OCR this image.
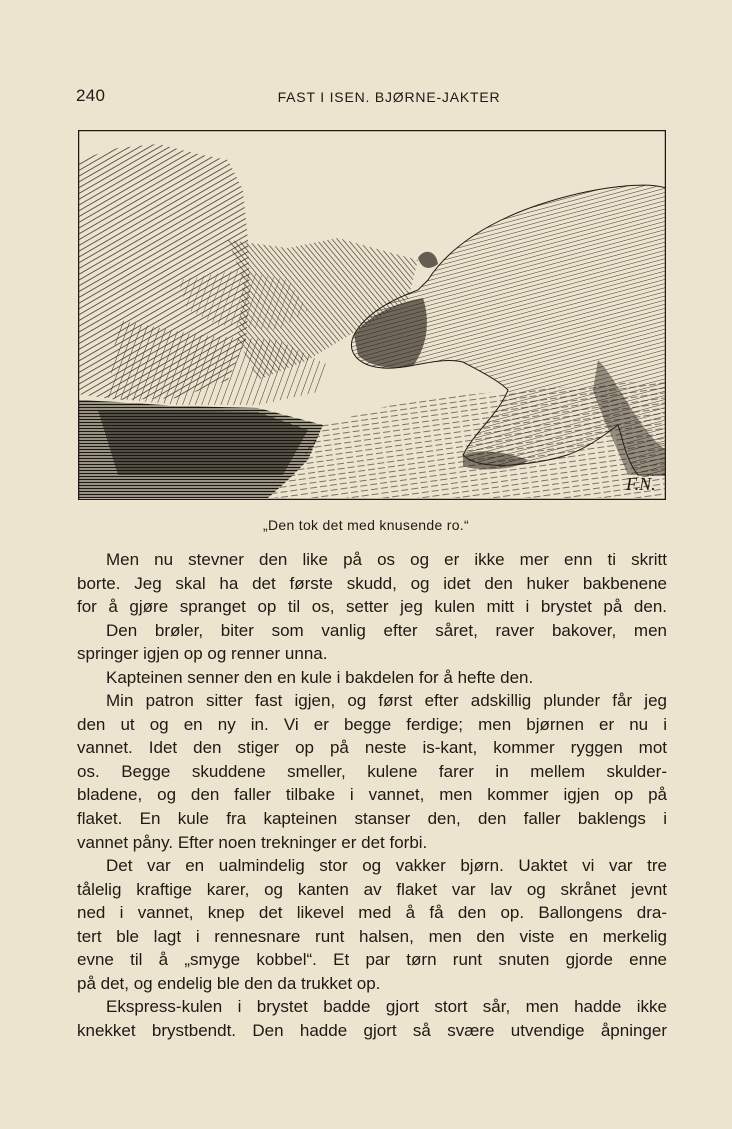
240	FAST I ISEN. BJØRNE-JAKTER
F.N.
„Den tok det med knusende ro.“
Men nu stevner den like på os og er ikke mer enn ti skritt
borte. Jeg skal ha det første skudd, og idet den huker bakbenene
for å gjøre spranget op til os, setter jeg kulen mitt i brystet på den.
Den brøler, biter som vanlig efter såret, raver bakover, men
springer igjen op og renner unna.
Kapteinen senner den en kule i bakdelen for å hefte den.
Min patron sitter fast igjen, og først efter adskillig plunder får jeg
den ut og en ny in. Vi er begge ferdige; men bjørnen er nu i
vannet. Idet den stiger op på neste is-kant, kommer ryggen mot
os. Begge skuddene smeller, kulene farer in mellem skulder-
bladene, og den faller tilbake i vannet, men kommer igjen op på
flaket. En kule fra kapteinen stanser den, den faller baklengs i
vannet påny. Efter noen trekninger er det forbi.
Det var en ualmindelig stor og vakker bjørn. Uaktet vi var tre
tålelig kraftige karer, og kanten av flaket var lav og skrånet jevnt
ned i vannet, knep det likevel med å få den op. Ballongens dra-
tert ble lagt i rennesnare runt halsen, men den viste en merkelig
evne til å „smyge kobbel“. Et par tørn runt snuten gjorde enne
på det, og endelig ble den da trukket op.
Ekspress-kulen i brystet badde gjort stort sår, men hadde ikke
knekket brystbendt. Den hadde gjort så svære utvendige åpninger
